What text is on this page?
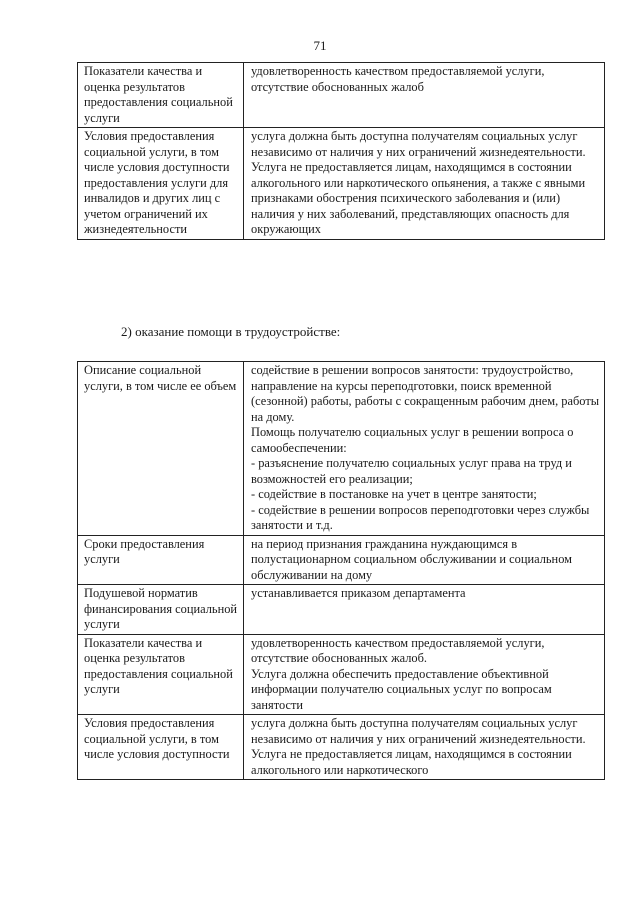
71
Показатели качества и оценка результатов предоставления социальной услуги	удовлетворенность качеством предоставляемой услуги, отсутствие обоснованных жалоб

Условия предоставления социальной услуги, в том числе условия доступности предоставления услуги для инвалидов и других лиц с учетом ограничений их жизнедеятельности	услуга должна быть доступна получателям социальных услуг независимо от наличия у них ограничений жизнедеятельности.
Услуга не предоставляется лицам, находящимся в состоянии алкогольного или наркотического опьянения, а также с явными признаками обострения психического заболевания и (или) наличия у них заболеваний, представляющих опасность для окружающих
2) оказание помощи в трудоустройстве:
Описание социальной услуги, в том числе ее объем	содействие в решении вопросов занятости: трудоустройство, направление на курсы переподготовки, поиск временной (сезонной) работы, работы с сокращенным рабочим днем, работы на дому.
Помощь получателю социальных услуг в решении вопроса о самообеспечении:
- разъяснение получателю социальных услуг права на труд и возможностей его реализации;
- содействие в постановке на учет в центре занятости;
- содействие в решении вопросов переподготовки через службы занятости и т.д.

Сроки предоставления услуги	на период признания гражданина нуждающимся в полустационарном социальном обслуживании и социальном обслуживании на дому

Подушевой норматив финансирования социальной услуги	устанавливается приказом департамента

Показатели качества и оценка результатов предоставления социальной услуги	удовлетворенность качеством предоставляемой услуги, отсутствие обоснованных жалоб.
Услуга должна обеспечить предоставление объективной информации получателю социальных услуг по вопросам занятости

Условия предоставления социальной услуги, в том числе условия доступности	услуга должна быть доступна получателям социальных услуг независимо от наличия у них ограничений жизнедеятельности.
Услуга не предоставляется лицам, находящимся в состоянии алкогольного или наркотического
